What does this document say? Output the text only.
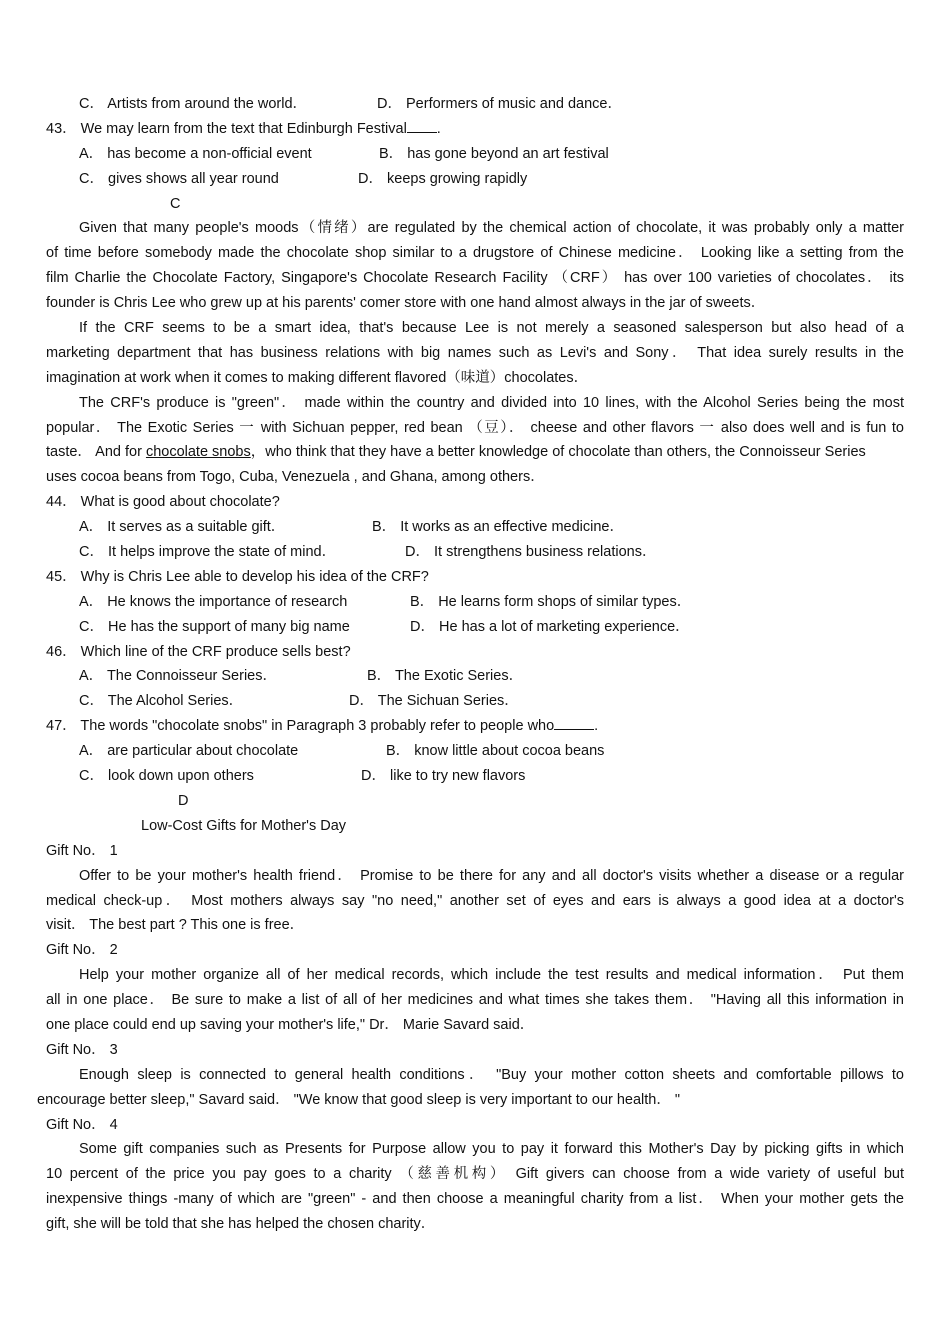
C． Artists from around the world．	D． Performers of music and dance．
43． We may learn from the text that Edinburgh Festival .
A． has become a non-official event	B． has gone beyond an art festival
C． gives shows all year round	D． keeps growing rapidly
C
Given that many people's moods（情绪）are regulated by the chemical action of chocolate, it was probably only a matter
of time before somebody made the chocolate shop similar to a drugstore of Chinese medicine． Looking like a setting from the
film Charlie the Chocolate Factory, Singapore's Chocolate Research Facility （CRF） has over 100 varieties of chocolates． its
founder is Chris Lee who grew up at his parents' comer store with one hand almost always in the jar of sweets．
If the CRF seems to be a smart idea, that's because Lee is not merely a seasoned salesperson but also head of a
marketing department that has business relations with big names such as Levi's and Sony． That idea surely results in the
imagination at work when it comes to making different flavored（味道）chocolates．
The CRF's produce is "green"． made within the country and divided into 10 lines, with the Alcohol Series being the most
popular． The Exotic Series 一 with Sichuan pepper, red bean （豆）． cheese and other flavors 一 also does well and is fun to
taste． And for chocolate snobs，who think that they have a better knowledge of chocolate than others, the Connoisseur Series
uses cocoa beans from Togo, Cuba, Venezuela , and Ghana, among others．
44． What is good about chocolate?
A． It serves as a suitable gift．	B． It works as an effective medicine．
C． It helps improve the state of mind．	D． It strengthens business relations．
45． Why is Chris Lee able to develop his idea of the CRF?
A． He knows the importance of research	B． He learns form shops of similar types．
C． He has the support of many big name	D． He has a lot of marketing experience．
46． Which line of the CRF produce sells best?
A． The Connoisseur Series．	B． The Exotic Series．
C． The Alcohol Series．	D． The Sichuan Series．
47． The words "chocolate snobs" in Paragraph 3 probably refer to people who	.
A． are particular about chocolate	B． know little about cocoa beans
C． look down upon others	D． like to try new flavors
D
Low-Cost Gifts for Mother's Day
Gift No． 1
Offer to be your mother's health friend． Promise to be there for any and all doctor's visits whether a disease or a regular
medical check-up． Most mothers always say "no need," another set of eyes and ears is always a good idea at a doctor's
visit． The best part ? This one is free．
Gift No． 2
Help your mother organize all of her medical records, which include the test results and medical information． Put them
all in one place． Be sure to make a list of all of her medicines and what times she takes them． "Having all this information in
one place could end up saving your mother's life," Dr． Marie Savard said．
Gift No． 3
Enough sleep is connected to general health conditions． "Buy your mother cotton sheets and comfortable pillows to
encourage better sleep," Savard said． "We know that good sleep is very important to our health． "
Gift No． 4
Some gift companies such as Presents for Purpose allow you to pay it forward this Mother's Day by picking gifts in which
10 percent of the price you pay goes to a charity （慈善机构） Gift givers can choose from a wide variety of useful but
inexpensive things -many of which are "green" - and then choose a meaningful charity from a list． When your mother gets the
gift, she will be told that she has helped the chosen charity．
